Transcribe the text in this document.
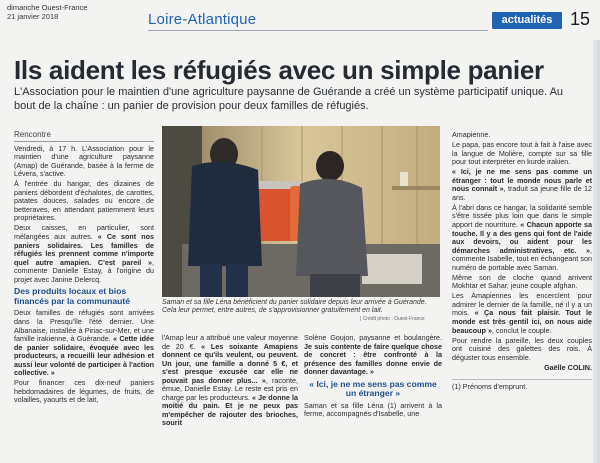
dimanche Ouest-France
21 janvier 2018	Loire-Atlantique	actualités 15
Ils aident les réfugiés avec un simple panier
L'Association pour le maintien d'une agriculture paysanne de Guérande a créé un système participatif unique. Au bout de la chaîne : un panier de provision pour deux familles de réfugiés.
Rencontre

Vendredi, à 17 h. L'Association pour le maintien d'une agriculture paysanne (Amap) de Guérande, basée à la ferme de Lévera, s'active.

À l'entrée du hangar, des dizaines de paniers débordent d'échalotes, de carottes, patates douces, salades ou encore de betteraves, en attendant patiemment leurs propriétaires.

Deux caisses, en particulier, sont mélangées aux autres. « Ce sont nos paniers solidaires. Les familles de réfugiés les prennent comme n'importe quel autre amapien. C'est pareil », commente Danielle Estay, à l'origine du projet avec Janine Delercq.

Des produits locaux et bios financés par la communauté

Deux familles de réfugiés sont arrivées dans la Presqu'île l'été dernier. Une Albanaise, installée à Piriac-sur-Mer, et une famille irakienne, à Guérande. « Cette idée de panier solidaire, évoquée avec les producteurs, a recueilli leur adhésion et aussi leur volonté de participer à l'action collective. »

Pour financer ces dix-neuf paniers hebdomadaires de légumes, de fruits, de volailles, yaourts et de lait,

Saman et sa fille Léna bénéficient du panier solidaire depuis leur arrivée à Guérande. Cela leur permet, entre autres, de s'approvisionner gratuitement en lait.
| Crédit photo : Ouest-France

l'Amap leur a attribué une valeur moyenne de 20 €. « Les soixante Amapiens donnent ce qu'ils veulent, ou peuvent. Un jour, une famille a donné 5 €, et s'est presque excusée car elle ne pouvait pas donner plus... », raconte, émue, Danielle Estay. Le reste est pris en charge par les producteurs. « Je donne la moitié du pain. Et je ne peux pas m'empêcher de rajouter des brioches, sourit

Solène Goujon, paysanne et boulangère. Je suis contente de faire quelque chose de concret : être confronté à la présence des familles donne envie de donner davantage. »

« Ici, je ne me sens pas comme un étranger »

Saman et sa fille Léna (1) arrivent à la ferme, accompagnés d'Isabelle, une

Amapienne.

Le papa, pas encore tout à fait à l'aise avec la langue de Molière, compte sur sa fille pour tout interpréter en kurde irakien.

« Ici, je ne me sens pas comme un étranger : tout le monde nous parle et nous connaît », traduit sa jeune fille de 12 ans.

À l'abri dans ce hangar, la solidarité semble s'être tissée plus loin que dans le simple apport de nourriture. « Chacun apporte sa touche. Il y a des gens qui font de l'aide aux devoirs, ou aident pour les démarches administratives, etc. », commente Isabelle, tout en échangeant son numéro de portable avec Saman.

Même son de cloche quand arrivent Mokhtar et Sahar, jeune couple afghan.

Les Amapiennes les encerclent pour admirer le dernier de la famille, né il y a un mois. « Ça nous fait plaisir. Tout le monde est très gentil ici, on nous aide beaucoup », conclut le couple.

Pour rendre la pareille, les deux couples ont cuisiné des galettes des rois. À déguster tous ensemble.

Gaëlle COLIN.
(1) Prénoms d'emprunt.
